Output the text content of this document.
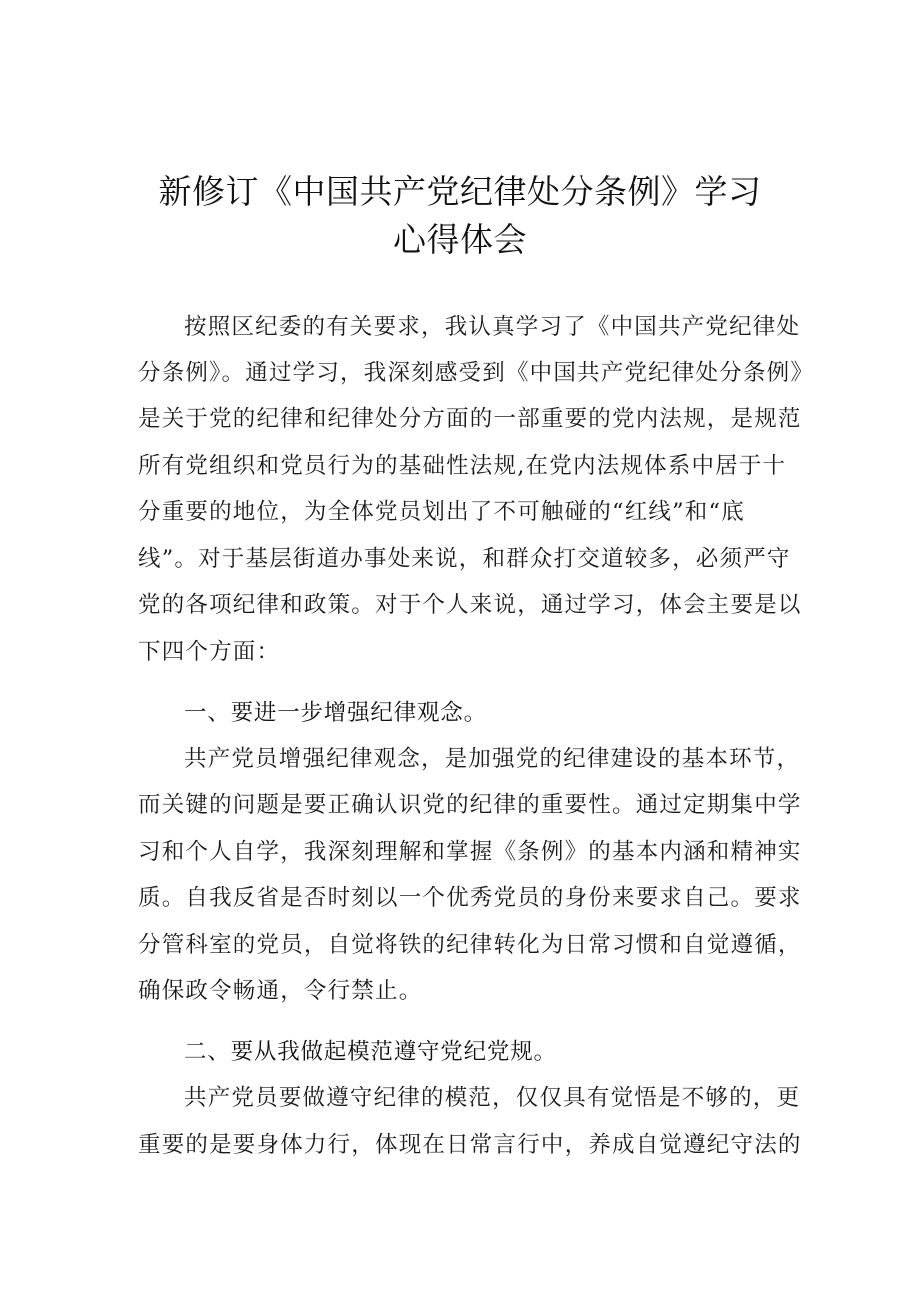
新修订《中国共产党纪律处分条例》学习
心得体会
按照区纪委的有关要求，我认真学习了《中国共产党纪律处
分条例》。通过学习，我深刻感受到《中国共产党纪律处分条例》
是关于党的纪律和纪律处分方面的一部重要的党内法规，是规范
所有党组织和党员行为的基础性法规,在党内法规体系中居于十
分重要的地位，为全体党员划出了不可触碰的“红线”和“底
线”。对于基层街道办事处来说，和群众打交道较多，必须严守
党的各项纪律和政策。对于个人来说，通过学习，体会主要是以
下四个方面：
一、要进一步增强纪律观念。
共产党员增强纪律观念，是加强党的纪律建设的基本环节，
而关键的问题是要正确认识党的纪律的重要性。通过定期集中学
习和个人自学，我深刻理解和掌握《条例》的基本内涵和精神实
质。自我反省是否时刻以一个优秀党员的身份来要求自己。要求
分管科室的党员，自觉将铁的纪律转化为日常习惯和自觉遵循，
确保政令畅通，令行禁止。
二、要从我做起模范遵守党纪党规。
共产党员要做遵守纪律的模范，仅仅具有觉悟是不够的，更
重要的是要身体力行，体现在日常言行中，养成自觉遵纪守法的
